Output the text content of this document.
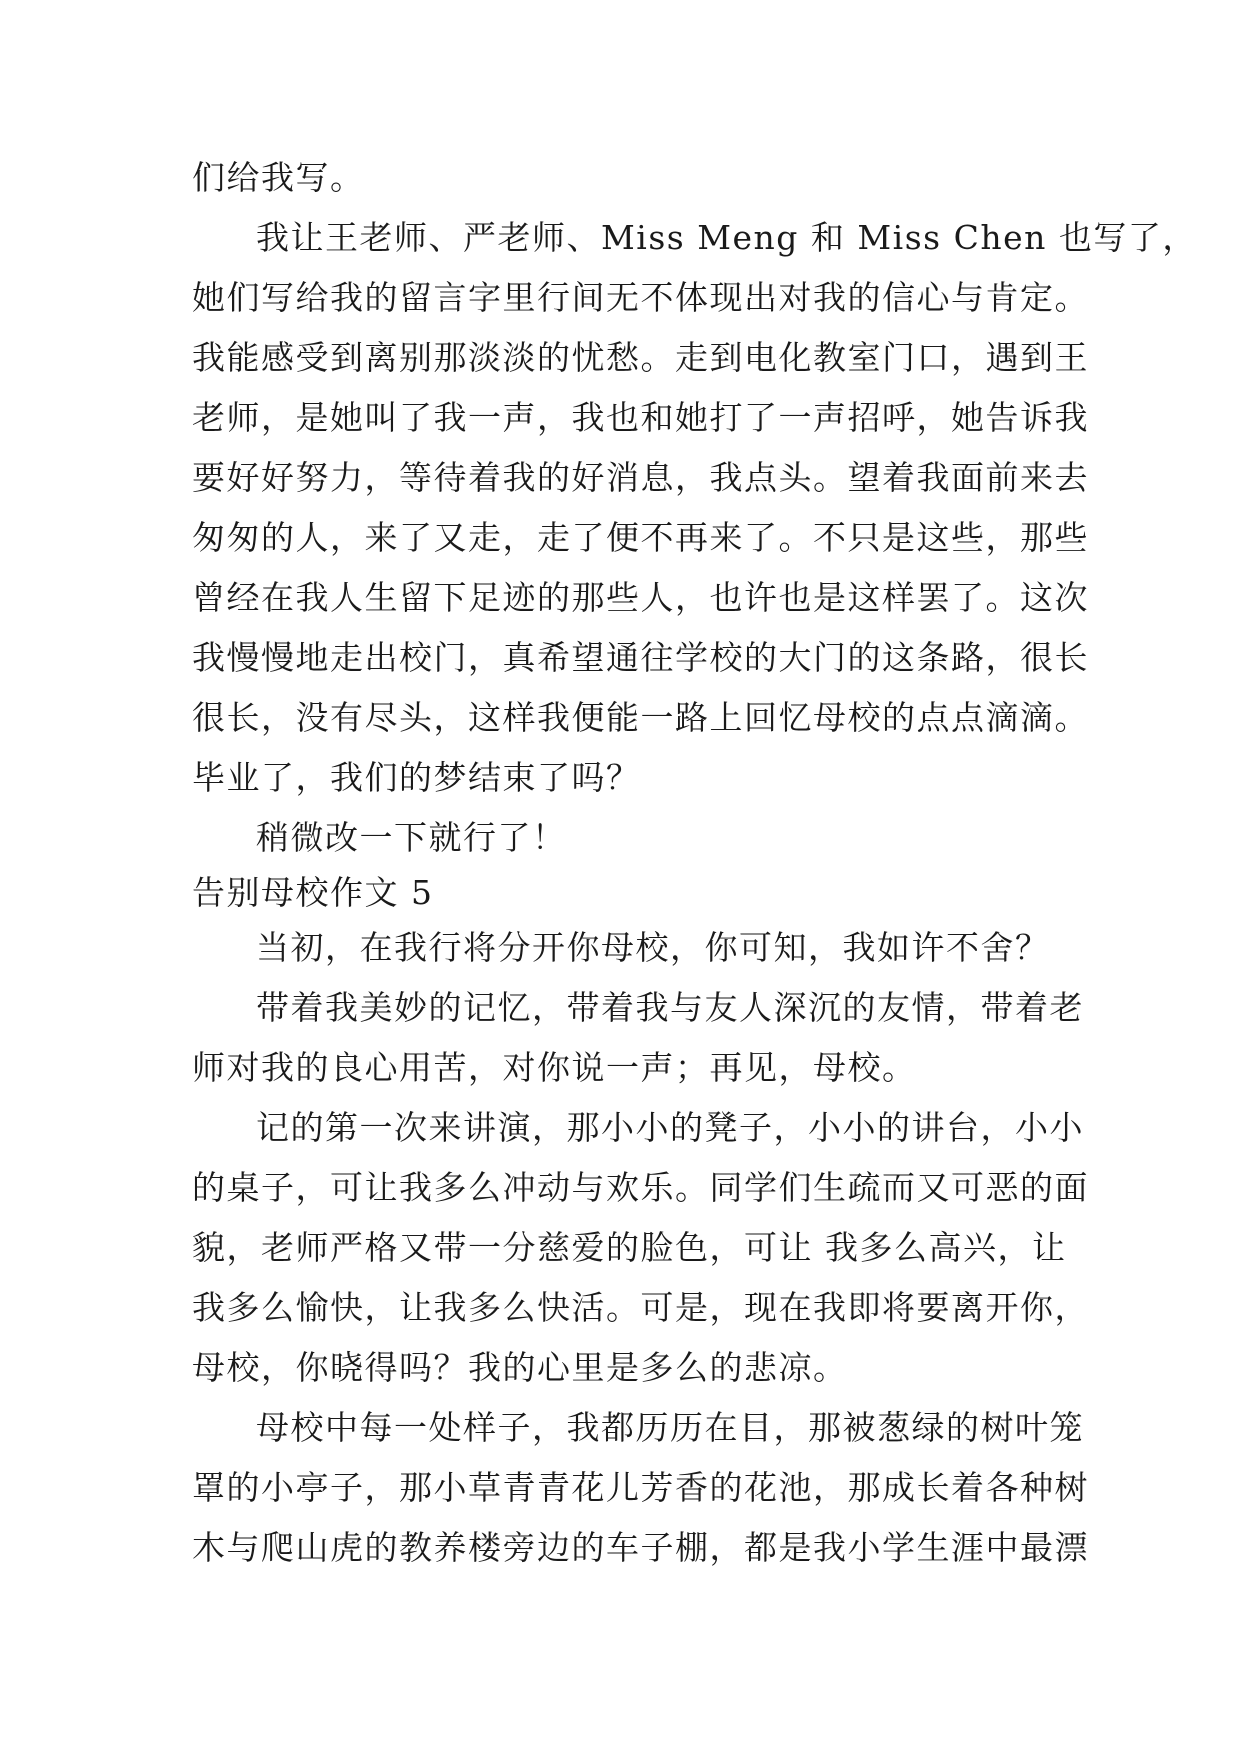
们给我写。
我让王老师、严老师、Miss Meng 和 Miss Chen 也写了，
她们写给我的留言字里行间无不体现出对我的信心与肯定。
我能感受到离别那淡淡的忧愁。走到电化教室门口，遇到王
老师，是她叫了我一声，我也和她打了一声招呼，她告诉我
要好好努力，等待着我的好消息，我点头。望着我面前来去
匆匆的人，来了又走，走了便不再来了。不只是这些，那些
曾经在我人生留下足迹的那些人，也许也是这样罢了。这次
我慢慢地走出校门，真希望通往学校的大门的这条路，很长
很长，没有尽头，这样我便能一路上回忆母校的点点滴滴。
毕业了，我们的梦结束了吗？
稍微改一下就行了！
告别母校作文 5
当初，在我行将分开你母校，你可知，我如许不舍？
带着我美妙的记忆，带着我与友人深沉的友情，带着老
师对我的良心用苦，对你说一声；再见，母校。
记的第一次来讲演，那小小的凳子，小小的讲台，小小
的桌子，可让我多么冲动与欢乐。同学们生疏而又可恶的面
貌，老师严格又带一分慈爱的脸色，可让 我多么高兴，让
我多么愉快，让我多么快活。可是，现在我即将要离开你，
母校，你晓得吗？我的心里是多么的悲凉。
母校中每一处样子，我都历历在目，那被葱绿的树叶笼
罩的小亭子，那小草青青花儿芳香的花池，那成长着各种树
木与爬山虎的教养楼旁边的车子棚，都是我小学生涯中最漂
